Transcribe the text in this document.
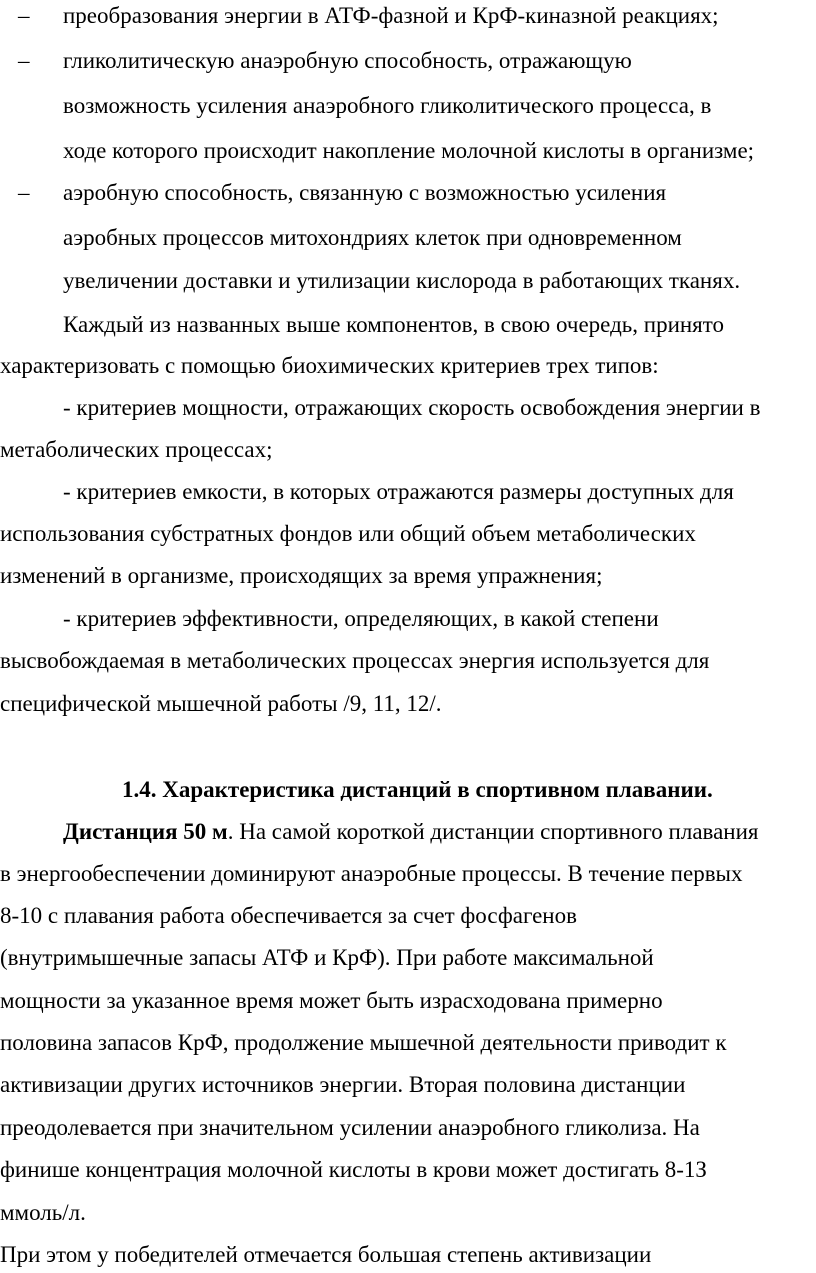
– преобразования энергии в АТФ-фазной и КрФ-киназной реакциях;
– гликолитическую анаэробную способность, отражающую
возможность усиления анаэробного гликолитического процесса, в
ходе которого происходит накопление молочной кислоты в организме;
– аэробную способность, связанную с возможностью усиления
аэробных процессов митохондриях клеток при одновременном
увеличении доставки и утилизации кислорода в работающих тканях.
Каждый из названных выше компонентов, в свою очередь, принято
характеризовать с помощью биохимических критериев трех типов:
- критериев мощности, отражающих скорость освобождения энергии в
метаболических процессах;
- критериев емкости, в которых отражаются размеры доступных для
использования субстратных фондов или общий объем метаболических
изменений в организме, происходящих за время упражнения;
- критериев эффективности, определяющих, в какой степени
высвобождаемая в метаболических процессах энергия используется для
специфической мышечной работы /9, 11, 12/.
1.4. Характеристика дистанций в спортивном плавании.
Дистанция 50 м. На самой короткой дистанции спортивного плавания
в энергообеспечении доминируют анаэробные процессы. В течение первых
8-10 с плавания работа обеспечивается за счет фосфагенов
(внутримышечные запасы АТФ и КрФ). При работе максимальной
мощности за указанное время может быть израсходована примерно
половина запасов КрФ, продолжение мышечной деятельности приводит к
активизации других источников энергии. Вторая половина дистанции
преодолевается при значительном усилении анаэробного гликолиза. На
финише концентрация молочной кислоты в крови может достигать 8-1З
ммоль/л.
При этом у победителей отмечается большая степень активизации
